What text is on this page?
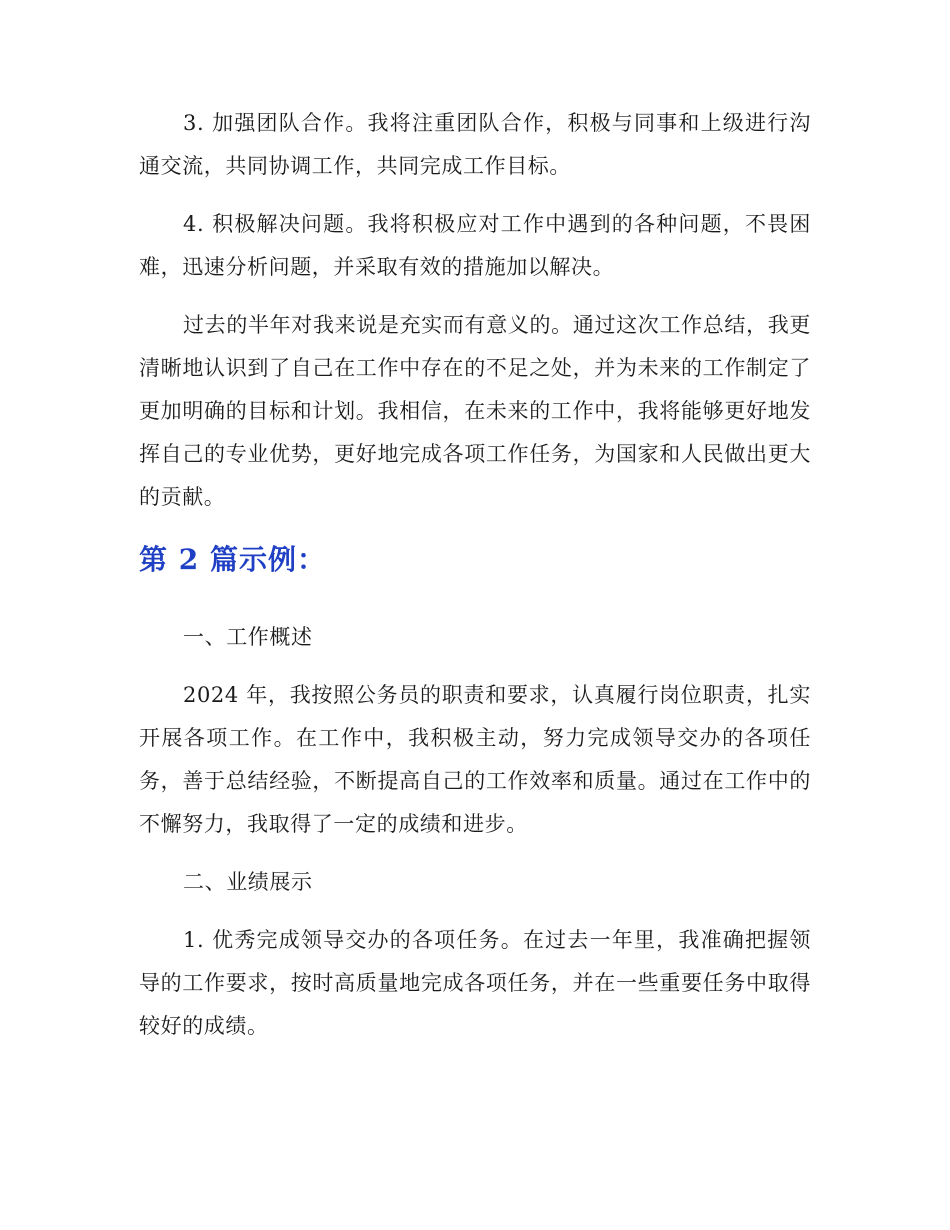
3. 加强团队合作。我将注重团队合作，积极与同事和上级进行沟通交流，共同协调工作，共同完成工作目标。

4. 积极解决问题。我将积极应对工作中遇到的各种问题，不畏困难，迅速分析问题，并采取有效的措施加以解决。

过去的半年对我来说是充实而有意义的。通过这次工作总结，我更清晰地认识到了自己在工作中存在的不足之处，并为未来的工作制定了更加明确的目标和计划。我相信，在未来的工作中，我将能够更好地发挥自己的专业优势，更好地完成各项工作任务，为国家和人民做出更大的贡献。

第 2 篇示例：

一、工作概述

2024 年，我按照公务员的职责和要求，认真履行岗位职责，扎实开展各项工作。在工作中，我积极主动，努力完成领导交办的各项任务，善于总结经验，不断提高自己的工作效率和质量。通过在工作中的不懈努力，我取得了一定的成绩和进步。

二、业绩展示

1. 优秀完成领导交办的各项任务。在过去一年里，我准确把握领导的工作要求，按时高质量地完成各项任务，并在一些重要任务中取得较好的成绩。
